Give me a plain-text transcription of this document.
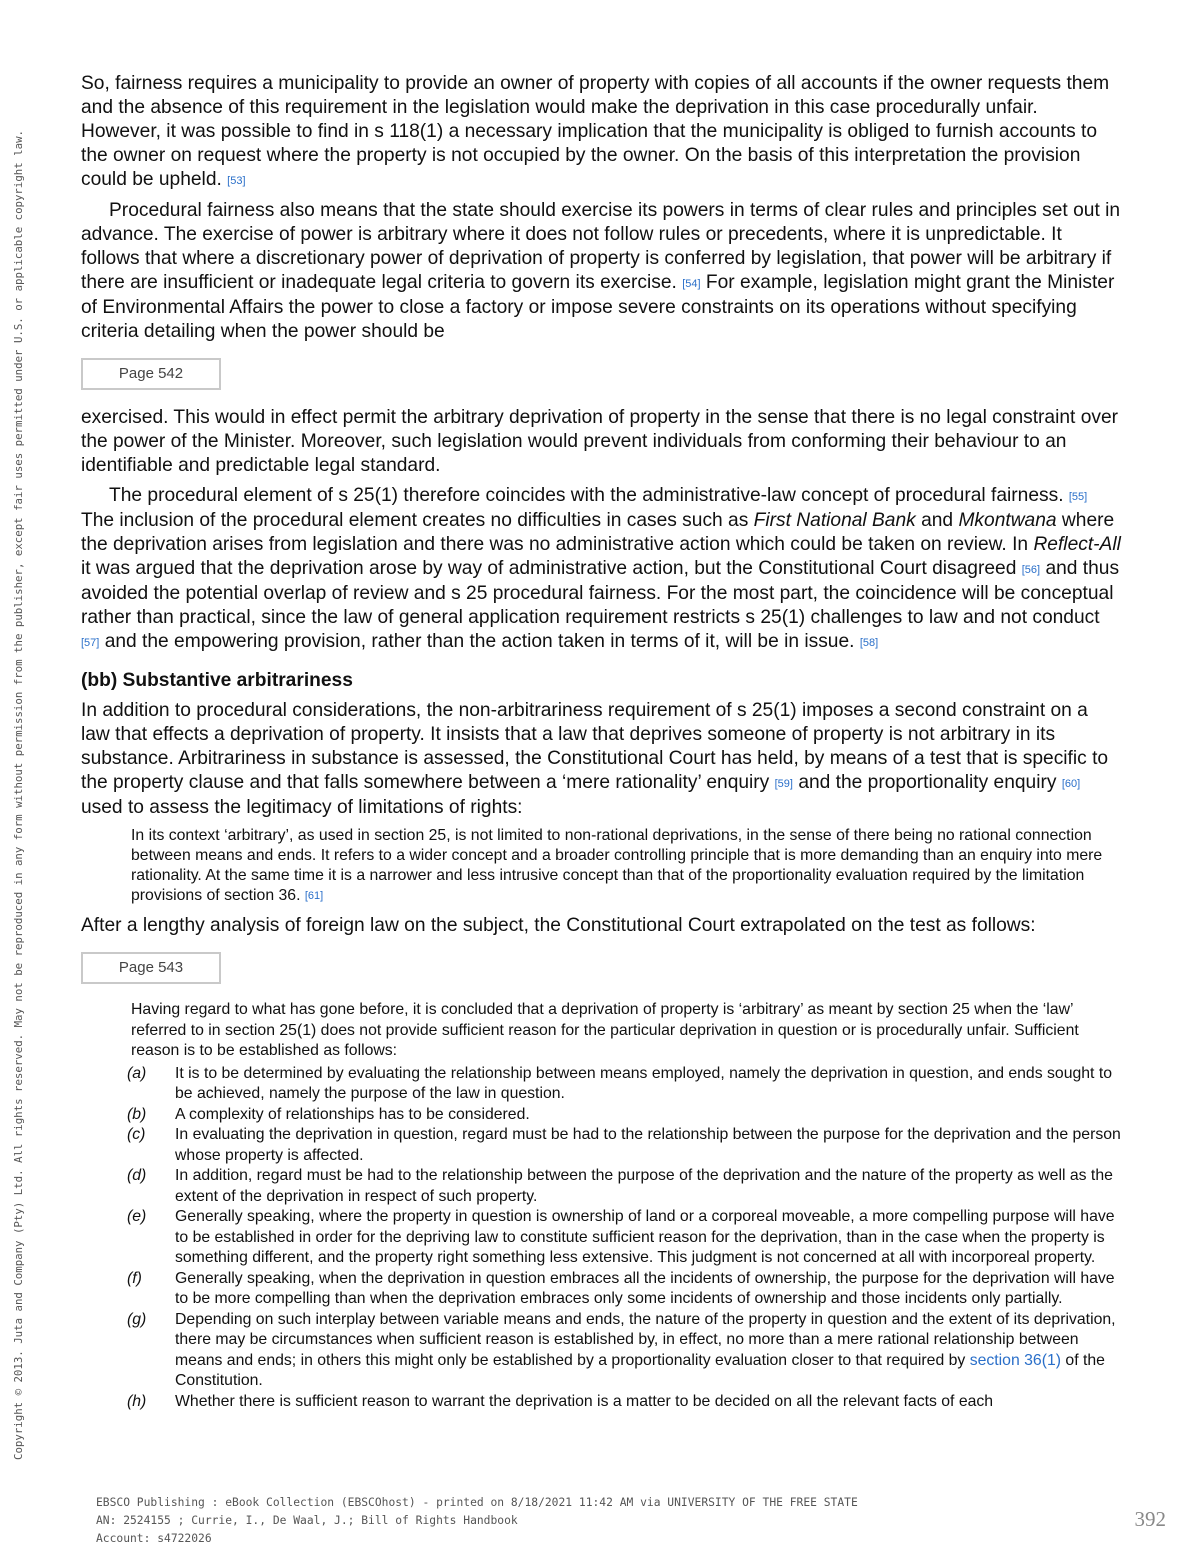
Copyright © 2013. Juta and Company (Pty) Ltd. All rights reserved. May not be reproduced in any form without permission from the publisher, except fair uses permitted under U.S. or applicable copyright law.

So, fairness requires a municipality to provide an owner of property with copies of all accounts if the owner requests them and the absence of this requirement in the legislation would make the deprivation in this case procedurally unfair. However, it was possible to find in s 118(1) a necessary implication that the municipality is obliged to furnish accounts to the owner on request where the property is not occupied by the owner. On the basis of this interpretation the provision could be upheld. [53]

Procedural fairness also means that the state should exercise its powers in terms of clear rules and principles set out in advance. The exercise of power is arbitrary where it does not follow rules or precedents, where it is unpredictable. It follows that where a discretionary power of deprivation of property is conferred by legislation, that power will be arbitrary if there are insufficient or inadequate legal criteria to govern its exercise. [54] For example, legislation might grant the Minister of Environmental Affairs the power to close a factory or impose severe constraints on its operations without specifying criteria detailing when the power should be

Page 542

exercised. This would in effect permit the arbitrary deprivation of property in the sense that there is no legal constraint over the power of the Minister. Moreover, such legislation would prevent individuals from conforming their behaviour to an identifiable and predictable legal standard.

The procedural element of s 25(1) therefore coincides with the administrative-law concept of procedural fairness. [55] The inclusion of the procedural element creates no difficulties in cases such as First National Bank and Mkontwana where the deprivation arises from legislation and there was no administrative action which could be taken on review. In Reflect-All it was argued that the deprivation arose by way of administrative action, but the Constitutional Court disagreed [56] and thus avoided the potential overlap of review and s 25 procedural fairness. For the most part, the coincidence will be conceptual rather than practical, since the law of general application requirement restricts s 25(1) challenges to law and not conduct [57] and the empowering provision, rather than the action taken in terms of it, will be in issue. [58]

(bb) Substantive arbitrariness

In addition to procedural considerations, the non-arbitrariness requirement of s 25(1) imposes a second constraint on a law that effects a deprivation of property. It insists that a law that deprives someone of property is not arbitrary in its substance. Arbitrariness in substance is assessed, the Constitutional Court has held, by means of a test that is specific to the property clause and that falls somewhere between a ‘mere rationality’ enquiry [59] and the proportionality enquiry [60] used to assess the legitimacy of limitations of rights:

In its context ‘arbitrary’, as used in section 25, is not limited to non-rational deprivations, in the sense of there being no rational connection between means and ends. It refers to a wider concept and a broader controlling principle that is more demanding than an enquiry into mere rationality. At the same time it is a narrower and less intrusive concept than that of the proportionality evaluation required by the limitation provisions of section 36. [61]

After a lengthy analysis of foreign law on the subject, the Constitutional Court extrapolated on the test as follows:

Page 543
Having regard to what has gone before, it is concluded that a deprivation of property is ‘arbitrary’ as meant by section 25 when the ‘law’ referred to in section 25(1) does not provide sufficient reason for the particular deprivation in question or is procedurally unfair. Sufficient reason is to be established as follows:
(a)	It is to be determined by evaluating the relationship between means employed, namely the deprivation in question, and ends sought to be achieved, namely the purpose of the law in question.
(b)	A complexity of relationships has to be considered.
(c)	In evaluating the deprivation in question, regard must be had to the relationship between the purpose for the deprivation and the person whose property is affected.
(d)	In addition, regard must be had to the relationship between the purpose of the deprivation and the nature of the property as well as the extent of the deprivation in respect of such property.
(e)	Generally speaking, where the property in question is ownership of land or a corporeal moveable, a more compelling purpose will have to be established in order for the depriving law to constitute sufficient reason for the deprivation, than in the case when the property is something different, and the property right something less extensive. This judgment is not concerned at all with incorporeal property.
(f)	Generally speaking, when the deprivation in question embraces all the incidents of ownership, the purpose for the deprivation will have to be more compelling than when the deprivation embraces only some incidents of ownership and those incidents only partially.
(g)	Depending on such interplay between variable means and ends, the nature of the property in question and the extent of its deprivation, there may be circumstances when sufficient reason is established by, in effect, no more than a mere rational relationship between means and ends; in others this might only be established by a proportionality evaluation closer to that required by section 36(1) of the Constitution.
(h)	Whether there is sufficient reason to warrant the deprivation is a matter to be decided on all the relevant facts of each
EBSCO Publishing : eBook Collection (EBSCOhost) - printed on 8/18/2021 11:42 AM via UNIVERSITY OF THE FREE STATE
AN: 2524155 ; Currie, I., De Waal, J.; Bill of Rights Handbook
Account: s4722026
392
